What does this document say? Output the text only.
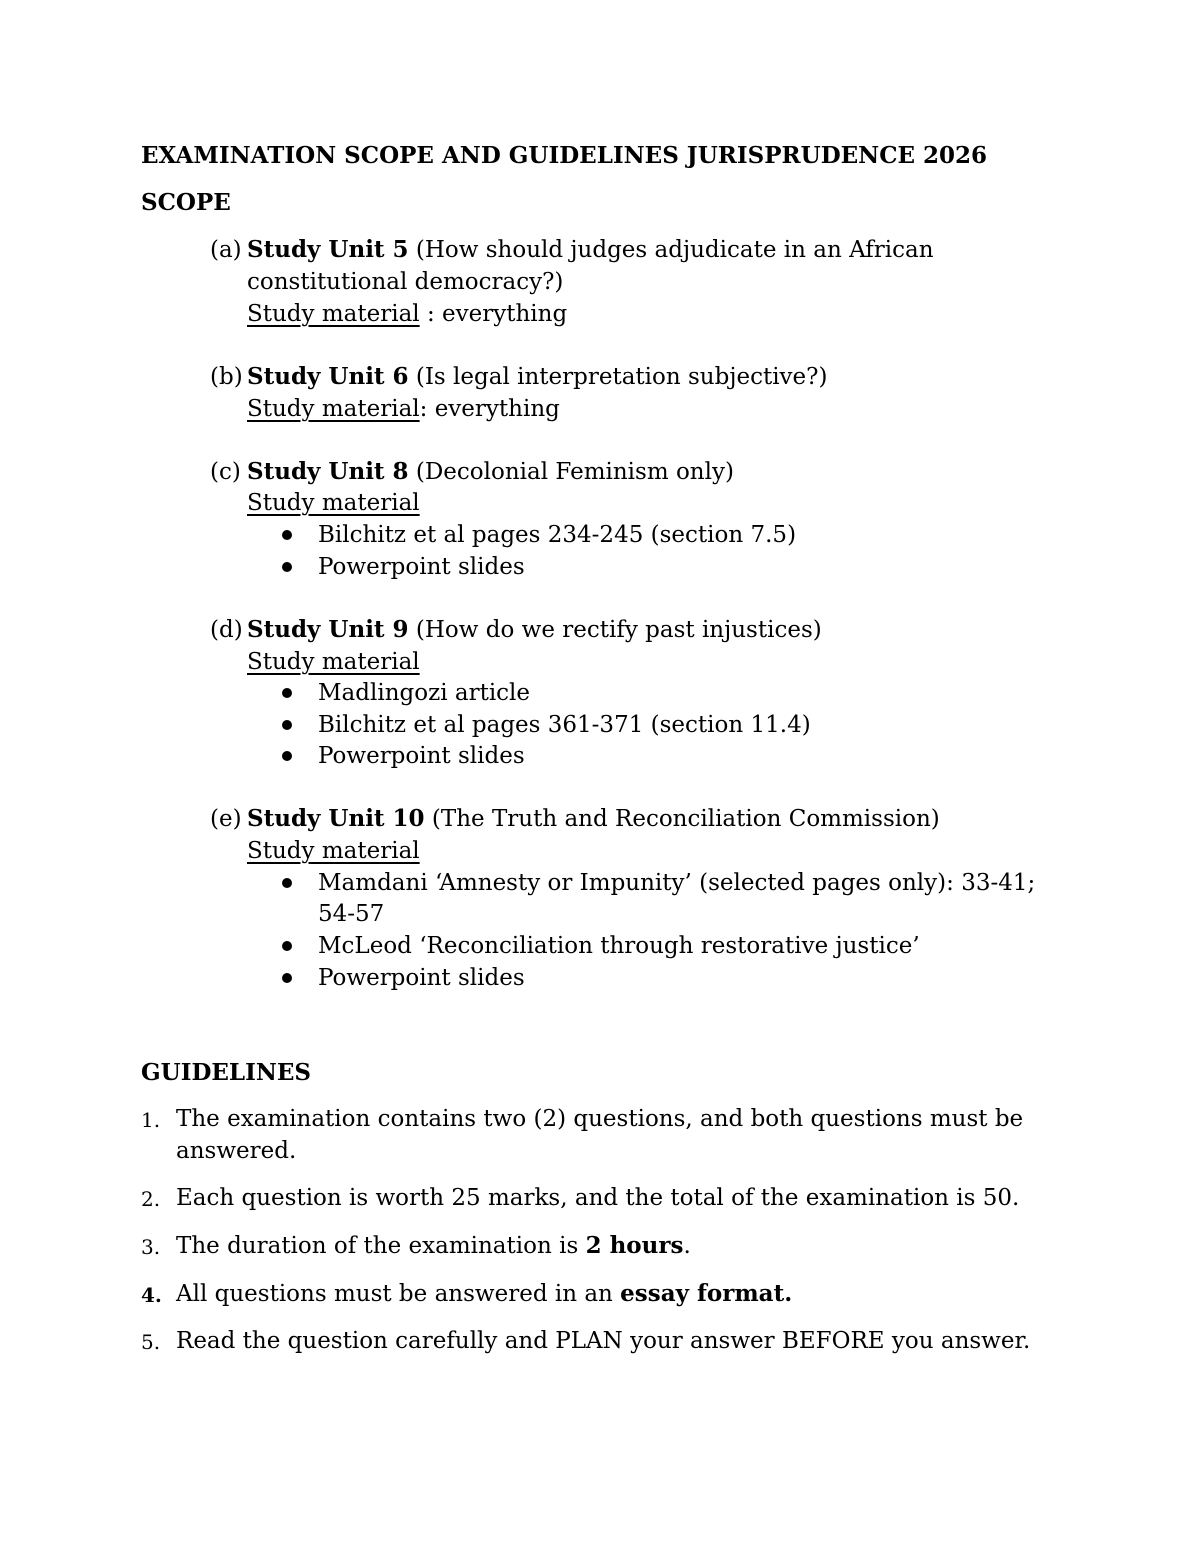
EXAMINATION SCOPE AND GUIDELINES JURISPRUDENCE 2026
SCOPE
(a) Study Unit 5 (How should judges adjudicate in an African
constitutional democracy?)
Study material : everything
(b) Study Unit 6 (Is legal interpretation subjective?)
Study material: everything
(c) Study Unit 8 (Decolonial Feminism only)
Study material
Bilchitz et al pages 234-245 (section 7.5)
Powerpoint slides
(d) Study Unit 9 (How do we rectify past injustices)
Study material
Madlingozi article
Bilchitz et al pages 361-371 (section 11.4)
Powerpoint slides
(e) Study Unit 10 (The Truth and Reconciliation Commission)
Study material
Mamdani ‘Amnesty or Impunity’ (selected pages only): 33-41;
54-57
McLeod ‘Reconciliation through restorative justice’
Powerpoint slides
GUIDELINES
1. The examination contains two (2) questions, and both questions must be
answered.
2. Each question is worth 25 marks, and the total of the examination is 50.
3. The duration of the examination is 2 hours.
4. All questions must be answered in an essay format.
5. Read the question carefully and PLAN your answer BEFORE you answer.
